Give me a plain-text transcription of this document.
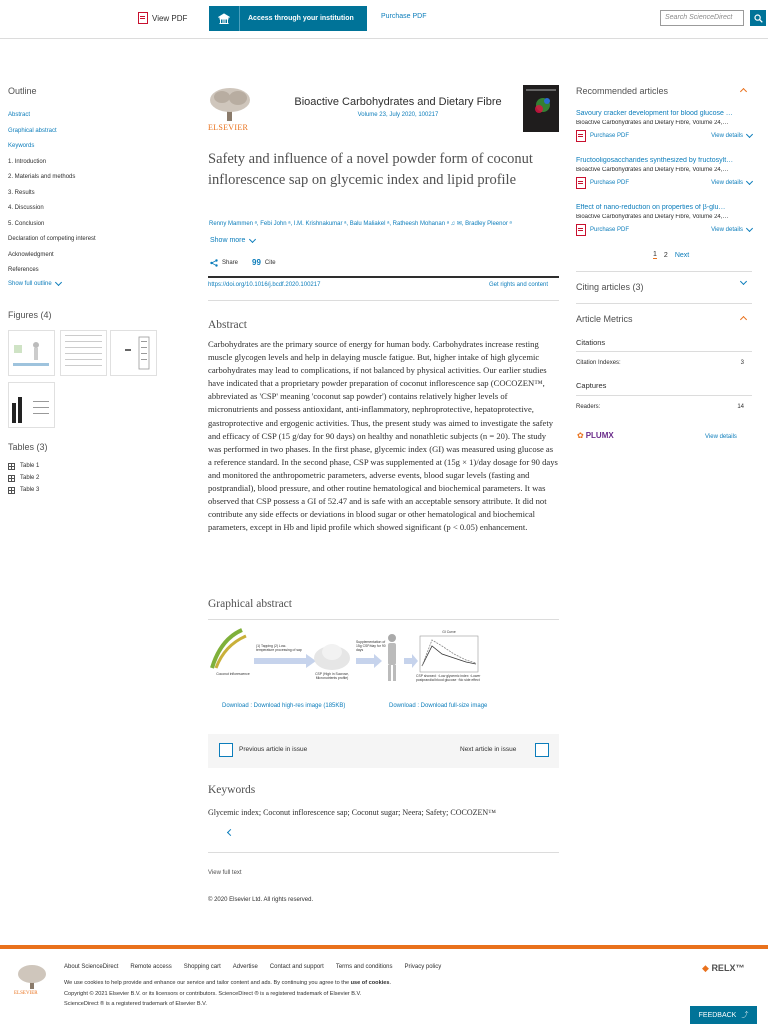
View PDF	Access through your institution	Purchase PDF	Search ScienceDirect
Outline
Abstract
Graphical abstract
Keywords
1. Introduction
2. Materials and methods
3. Results
4. Discussion
5. Conclusion
Declaration of competing interest
Acknowledgment
References
Show full outline
Figures (4)
Tables (3)
Table 1
Table 2
Table 3
ELSEVIER
Bioactive Carbohydrates and Dietary Fibre
Volume 23, July 2020, 100217
Safety and influence of a novel powder form of coconut inflorescence sap on glycemic index and lipid profile
Renny Mammen ᵃ, Febi John ᵃ, I.M. Krishnakumar ᵃ, Balu Maliakel ᵃ, Ratheesh Mohanan ᵃ ♫ ✉, Bradley Pleenor ᵃ
Show more
Share 99 Cite
https://doi.org/10.1016/j.bcdf.2020.100217	Get rights and content
Abstract
Carbohydrates are the primary source of energy for human body. Carbohydrates increase resting muscle glycogen levels and help in delaying muscle fatigue. But, higher intake of high glycemic carbohydrates may lead to complications, if not balanced by physical activities. Our earlier studies have indicated that a proprietary powder preparation of coconut inflorescence sap (COCOZEN™, abbreviated as 'CSP' meaning 'coconut sap powder') contains relatively higher levels of micronutrients and possess antioxidant, anti-inflammatory, nephroprotective, hepatoprotective, gastroprotective and ergogenic activities. Thus, the present study was aimed to investigate the safety and efficacy of CSP (15 g/day for 90 days) on healthy and nonathletic subjects (n = 20). The study was performed in two phases. In the first phase, glycemic index (GI) was measured using glucose as a reference standard. In the second phase, CSP was supplemented at (15g × 1)/day dosage for 90 days and monitored the anthropometric parameters, adverse events, blood sugar levels (fasting and postprandial), blood pressure, and other routine hematological and biochemical parameters. It was observed that CSP possess a GI of 52.47 and is safe with an acceptable sensory attribute. It did not contribute any side effects or deviations in blood sugar or other hematological and biochemical parameters, except in Hb and lipid profile which showed significant (p < 0.05) enhancement.
Graphical abstract
Coconut inflorescence
(1) Tapping (2) Low-temperature processing of sap
CSP (High in Sucrose, Micronutrients profile)
Supplementation of 15g CSP/day for 90 days
GI Curve
CSP showed: ↑Low glycemic index ↑Lower postprandial blood glucose ↑No side effect
Download : Download high-res image (185KB)	Download : Download full-size image
Previous article in issue	Next article in issue
Keywords
Glycemic index; Coconut inflorescence sap; Coconut sugar; Neera; Safety; COCOZEN™
View full text
© 2020 Elsevier Ltd. All rights reserved.
Recommended articles
Savoury cracker development for blood glucose …
Bioactive Carbohydrates and Dietary Fibre, Volume 24,…
Purchase PDF	View details
Fructooligosaccharides synthesized by fructosylt…
Bioactive Carbohydrates and Dietary Fibre, Volume 24,…
Purchase PDF	View details
Effect of nano-reduction on properties of β-glu…
Bioactive Carbohydrates and Dietary Fibre, Volume 24,…
Purchase PDF	View details
1 2 Next
Citing articles (3)
Article Metrics
Citations
Citation Indexes:	3
Captures
Readers:	14
✿ PLUMX	View details
ELSEVIER
About ScienceDirect Remote access Shopping cart Advertise Contact and support Terms and conditions Privacy policy
We use cookies to help provide and enhance our service and tailor content and ads. By continuing you agree to the use of cookies.
Copyright © 2021 Elsevier B.V. or its licensors or contributors. ScienceDirect ® is a registered trademark of Elsevier B.V.
ScienceDirect ® is a registered trademark of Elsevier B.V.
◆ RELX™
FEEDBACK ⤴
